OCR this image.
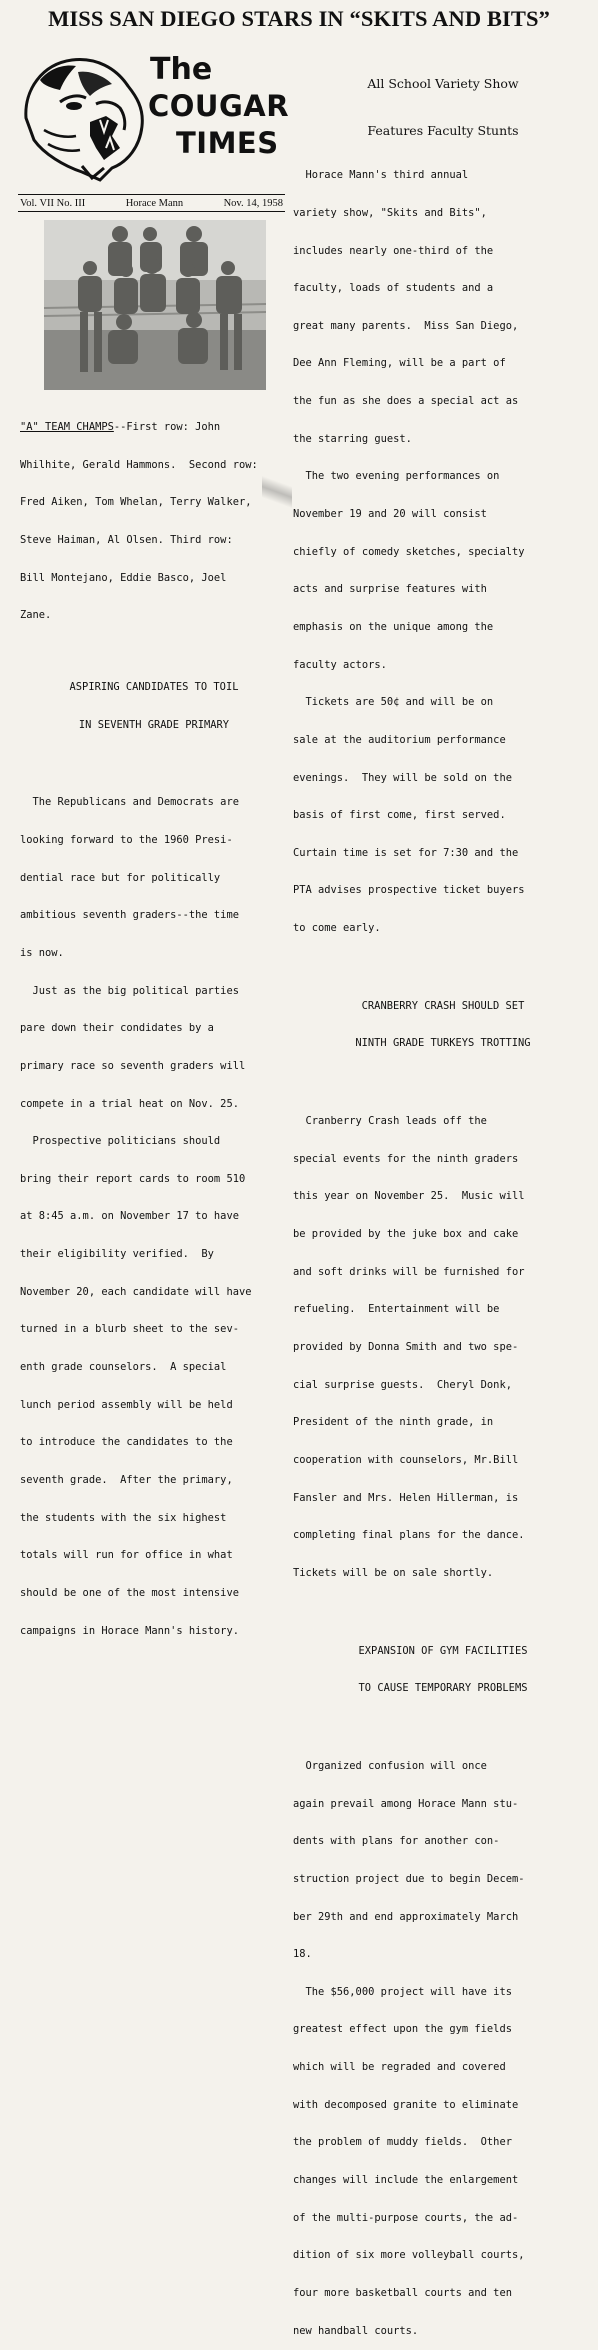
MISS SAN DIEGO STARS IN “SKITS AND BITS”
The
COUGAR
TIMES
Vol. VII No. III	Horace Mann	Nov. 14, 1958

"A" TEAM CHAMPS--First row: John

Whilhite, Gerald Hammons.  Second row:

Fred Aiken, Tom Whelan, Terry Walker,

Steve Haiman, Al Olsen. Third row:

Bill Montejano, Eddie Basco, Joel

Zane.

ASPIRING CANDIDATES TO TOIL

IN SEVENTH GRADE PRIMARY

The Republicans and Democrats are

looking forward to the 1960 Presi-

dential race but for politically

ambitious seventh graders--the time

is now.

Just as the big political parties

pare down their condidates by a

primary race so seventh graders will

compete in a trial heat on Nov. 25.

Prospective politicians should

bring their report cards to room 510

at 8:45 a.m. on November 17 to have

their eligibility verified.  By

November 20, each candidate will have

turned in a blurb sheet to the sev-

enth grade counselors.  A special

lunch period assembly will be held

to introduce the candidates to the

seventh grade.  After the primary,

the students with the six highest

totals will run for office in what

should be one of the most intensive

campaigns in Horace Mann's history.

All School Variety Show

Features Faculty Stunts

Horace Mann's third annual

variety show, "Skits and Bits",

includes nearly one-third of the

faculty, loads of students and a

great many parents.  Miss San Diego,

Dee Ann Fleming, will be a part of

the fun as she does a special act as

the starring guest.

The two evening performances on

November 19 and 20 will consist

chiefly of comedy sketches, specialty

acts and surprise features with

emphasis on the unique among the

faculty actors.

Tickets are 50¢ and will be on

sale at the auditorium performance

evenings.  They will be sold on the

basis of first come, first served.

Curtain time is set for 7:30 and the

PTA advises prospective ticket buyers

to come early.

CRANBERRY CRASH SHOULD SET

NINTH GRADE TURKEYS TROTTING

Cranberry Crash leads off the

special events for the ninth graders

this year on November 25.  Music will

be provided by the juke box and cake

and soft drinks will be furnished for

refueling.  Entertainment will be

provided by Donna Smith and two spe-

cial surprise guests.  Cheryl Donk,

President of the ninth grade, in

cooperation with counselors, Mr.Bill

Fansler and Mrs. Helen Hillerman, is

completing final plans for the dance.

Tickets will be on sale shortly.

EXPANSION OF GYM FACILITIES

TO CAUSE TEMPORARY PROBLEMS

Organized confusion will once

again prevail among Horace Mann stu-

dents with plans for another con-

struction project due to begin Decem-

ber 29th and end approximately March

18.

The $56,000 project will have its

greatest effect upon the gym fields

which will be regraded and covered

with decomposed granite to eliminate

the problem of muddy fields.  Other

changes will include the enlargement

of the multi-purpose courts, the ad-

dition of six more volleyball courts,

four more basketball courts and ten

new handball courts.
